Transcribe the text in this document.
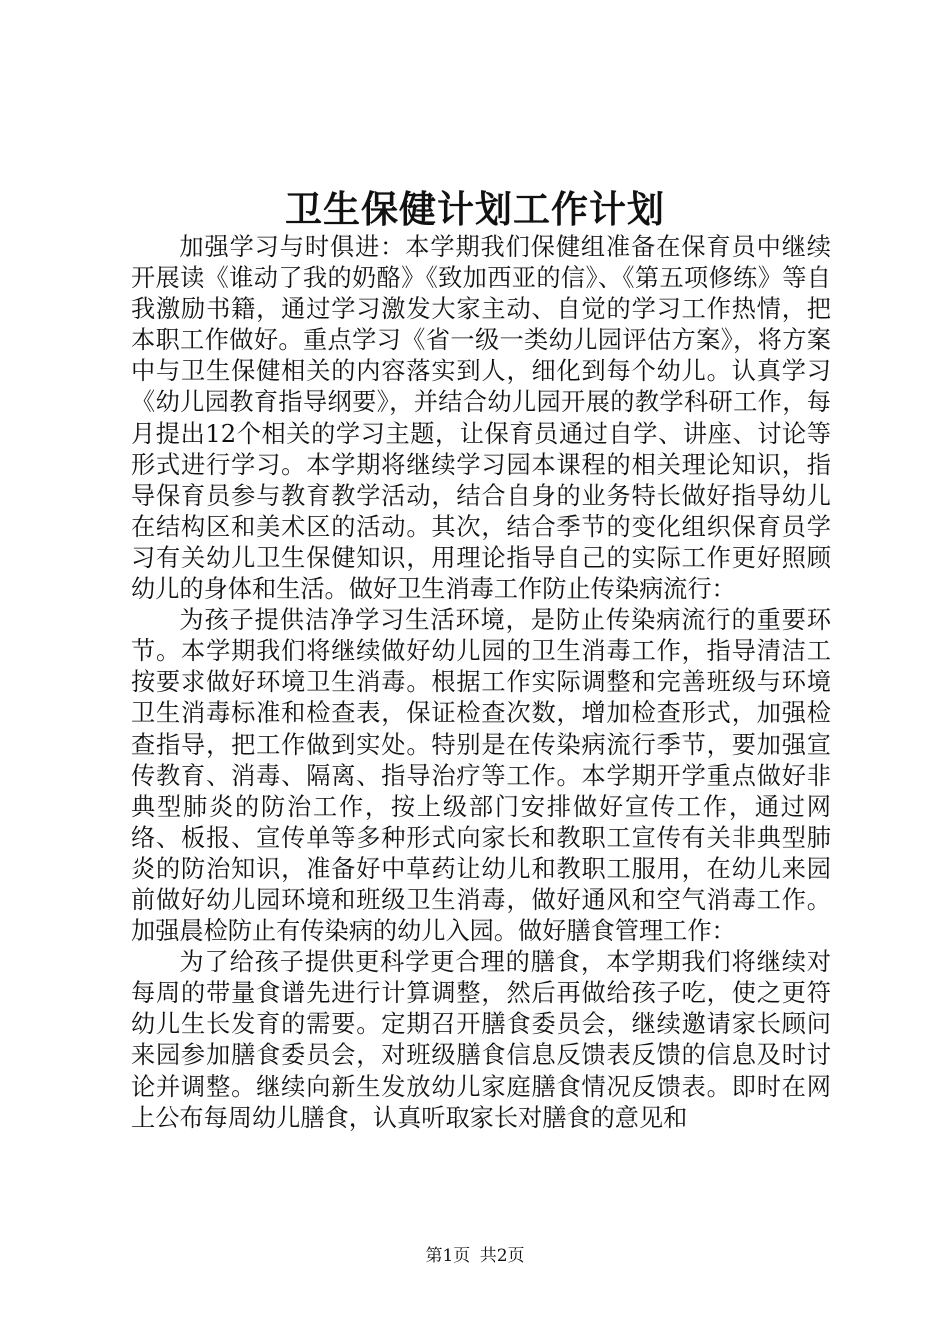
卫生保健计划工作计划

加强学习与时俱进：本学期我们保健组准备在保育员中继续开展读《谁动了我的奶酪》《致加西亚的信》、《第五项修练》等自我激励书籍，通过学习激发大家主动、自觉的学习工作热情，把本职工作做好。重点学习《省一级一类幼儿园评估方案》，将方案中与卫生保健相关的内容落实到人，细化到每个幼儿。认真学习《幼儿园教育指导纲要》，并结合幼儿园开展的教学科研工作，每月提出12个相关的学习主题，让保育员通过自学、讲座、讨论等形式进行学习。本学期将继续学习园本课程的相关理论知识，指导保育员参与教育教学活动，结合自身的业务特长做好指导幼儿在结构区和美术区的活动。其次，结合季节的变化组织保育员学习有关幼儿卫生保健知识，用理论指导自己的实际工作更好照顾幼儿的身体和生活。做好卫生消毒工作防止传染病流行：

为孩子提供洁净学习生活环境，是防止传染病流行的重要环节。本学期我们将继续做好幼儿园的卫生消毒工作，指导清洁工按要求做好环境卫生消毒。根据工作实际调整和完善班级与环境卫生消毒标准和检查表，保证检查次数，增加检查形式，加强检查指导，把工作做到实处。特别是在传染病流行季节，要加强宣传教育、消毒、隔离、指导治疗等工作。本学期开学重点做好非典型肺炎的防治工作，按上级部门安排做好宣传工作，通过网络、板报、宣传单等多种形式向家长和教职工宣传有关非典型肺炎的防治知识，准备好中草药让幼儿和教职工服用，在幼儿来园前做好幼儿园环境和班级卫生消毒，做好通风和空气消毒工作。加强晨检防止有传染病的幼儿入园。做好膳食管理工作：

为了给孩子提供更科学更合理的膳食，本学期我们将继续对每周的带量食谱先进行计算调整，然后再做给孩子吃，使之更符幼儿生长发育的需要。定期召开膳食委员会，继续邀请家长顾问来园参加膳食委员会，对班级膳食信息反馈表反馈的信息及时讨论并调整。继续向新生发放幼儿家庭膳食情况反馈表。即时在网上公布每周幼儿膳食，认真听取家长对膳食的意见和

第1页 共2页
